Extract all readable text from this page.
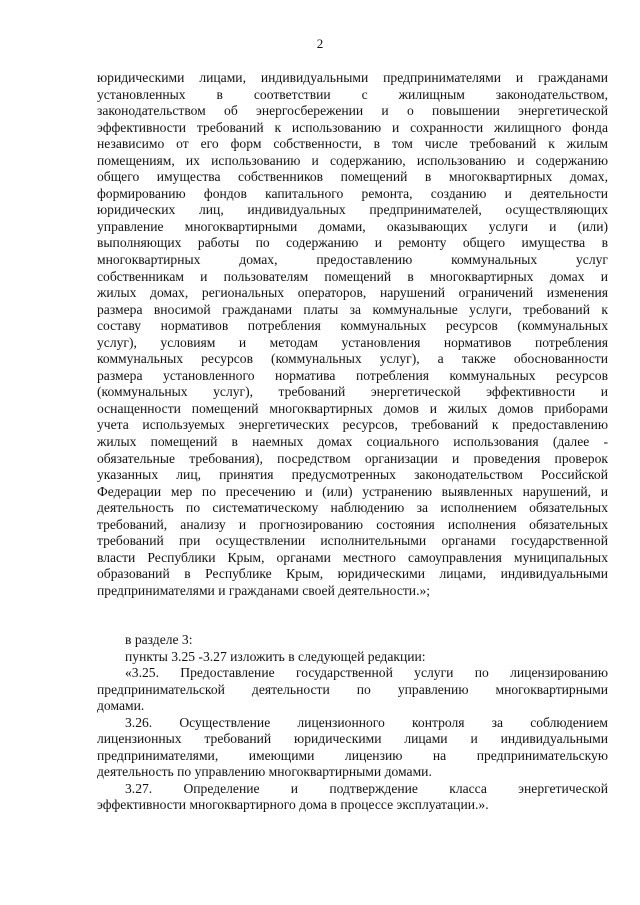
2
юридическими лицами, индивидуальными предпринимателями и гражданами
установленных в соответствии с жилищным законодательством,
законодательством об энергосбережении и о повышении энергетической
эффективности требований к использованию и сохранности жилищного фонда
независимо от его форм собственности, в том числе требований к жилым
помещениям, их использованию и содержанию, использованию и содержанию
общего имущества собственников помещений в многоквартирных домах,
формированию фондов капитального ремонта, созданию и деятельности
юридических лиц, индивидуальных предпринимателей, осуществляющих
управление многоквартирными домами, оказывающих услуги и (или)
выполняющих работы по содержанию и ремонту общего имущества в
многоквартирных домах, предоставлению коммунальных услуг
собственникам и пользователям помещений в многоквартирных домах и
жилых домах, региональных операторов, нарушений ограничений изменения
размера вносимой гражданами платы за коммунальные услуги, требований к
составу нормативов потребления коммунальных ресурсов (коммунальных
услуг), условиям и методам установления нормативов потребления
коммунальных ресурсов (коммунальных услуг), а также обоснованности
размера установленного норматива потребления коммунальных ресурсов
(коммунальных услуг), требований энергетической эффективности и
оснащенности помещений многоквартирных домов и жилых домов приборами
учета используемых энергетических ресурсов, требований к предоставлению
жилых помещений в наемных домах социального использования (далее -
обязательные требования), посредством организации и проведения проверок
указанных лиц, принятия предусмотренных законодательством Российской
Федерации мер по пресечению и (или) устранению выявленных нарушений, и
деятельность по систематическому наблюдению за исполнением обязательных
требований, анализу и прогнозированию состояния исполнения обязательных
требований при осуществлении исполнительными органами государственной
власти Республики Крым, органами местного самоуправления муниципальных
образований в Республике Крым, юридическими лицами, индивидуальными
предпринимателями и гражданами своей деятельности.»;
в разделе 3:
пункты 3.25 -3.27 изложить в следующей редакции:
«3.25. Предоставление государственной услуги по лицензированию
предпринимательской деятельности по управлению многоквартирными
домами.
3.26. Осуществление лицензионного контроля за соблюдением
лицензионных требований юридическими лицами и индивидуальными
предпринимателями, имеющими лицензию на предпринимательскую
деятельность по управлению многоквартирными домами.
3.27. Определение и подтверждение класса энергетической
эффективности многоквартирного дома в процессе эксплуатации.».
